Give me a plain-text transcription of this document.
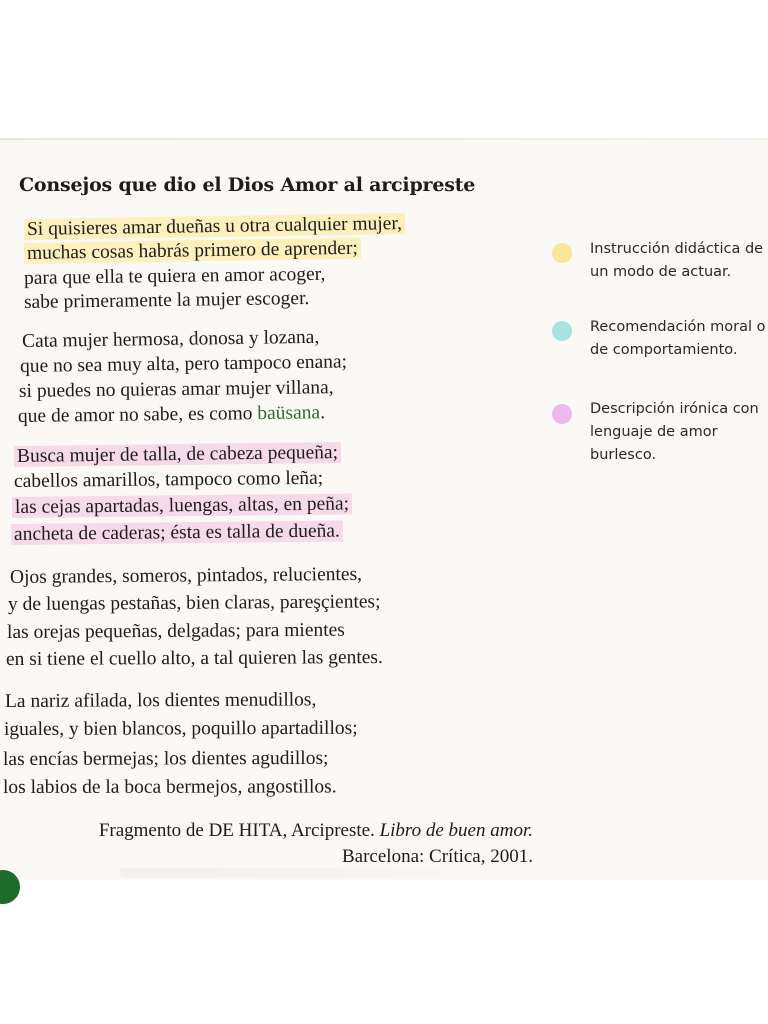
Consejos que dio el Dios Amor al arcipreste
Si quisieres amar dueñas u otra cualquier mujer,
muchas cosas habrás primero de aprender;
para que ella te quiera en amor acoger,
sabe primeramente la mujer escoger.
Cata mujer hermosa, donosa y lozana,
que no sea muy alta, pero tampoco enana;
si puedes no quieras amar mujer villana,
que de amor no sabe, es como baüsana.
Busca mujer de talla, de cabeza pequeña;
cabellos amarillos, tampoco como leña;
las cejas apartadas, luengas, altas, en peña;
ancheta de caderas; ésta es talla de dueña.
Ojos grandes, someros, pintados, relucientes,
y de luengas pestañas, bien claras, pareşçientes;
las orejas pequeñas, delgadas; para mientes
en si tiene el cuello alto, a tal quieren las gentes.
La nariz afilada, los dientes menudillos,
iguales, y bien blancos, poquillo apartadillos;
las encías bermejas; los dientes agudillos;
los labios de la boca bermejos, angostillos.
Instrucción didáctica de un modo de actuar.
Recomendación moral o de comportamiento.
Descripción irónica con lenguaje de amor burlesco.
Fragmento de DE HITA, Arcipreste. Libro de buen amor.
Barcelona: Crítica, 2001.
